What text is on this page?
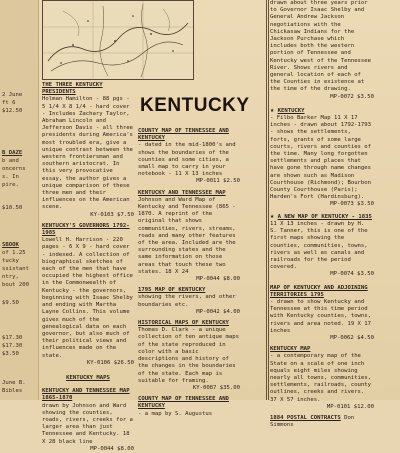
2 June
ft 6
$12.50
B DAZE
b and
oncerns
s. In
pire.
$10.50
SBOOK
of 1.25
tucky
ssistant
ntry,
bout 200
$9.50
$17.30
$17.30
$3.50
June B.
Bibles
KENTUCKY

THE THREE KENTUCKY PRESIDENTS

Holman Hamilton - 88 pgs - 5 1/4 X 8 1/4 - hard cover - Includes Zachary Taylor, Abraham Lincoln and Jefferson Davis - all three presidents during America's most troubled era, give a unique contrast between the western frontiersman and southern aristocrat. In this very provocative essay, the author gives a unique comparison of these three men and their influences on the American scene.

KY-0103 $7.50

KENTUCKY'S GOVERNORS 1792-1985

Lowell H. Harrison - 220 pages - 6 X 9 - hard cover - indexed. A collection of biographical sketches of each of the men that have occupied the highest office in the Commonwealth of Kentucky - the governors, beginning with Isaac Shelby and ending with Martha Layne Collins. This volume gives much of the genealogical data on each governor, but also much of their political views and influences made on the state.

KY-0106 $26.50

KENTUCKY MAPS

KENTUCKY AND TENNESSEE MAP 1865-1870

drawn by Johnson and Ward showing the counties, roads, rivers, creeks for a larger area than just Tennessee and Kentucky. 18 X 28 black line

MP-0044 $8.00

COUNTY MAP OF TENNESSEE AND KENTUCKY

- dated in the mid-1800's and shows the boundaries of the counties and some cities, a small map to carry in your notebook - 11 X 13 inches

MP-0011 $2.50

KENTUCKY AND TENNESSEE MAP

Johnson and Ward Map of Kentucky and Tennessee (865 - 1870. A reprint of the original that shows communities, rivers, streams, roads and many other features of the area. Included are the surrounding states and the same information on those areas that touch these two states. 18 X 24

MP-0044 $8.00

1795 MAP OF KENTUCKY

showing the rivers, and other boundaries etc.

MP-0042 $4.00

HISTORICAL MAPS OF KENTUCKY

Thomas D. Clark - a unique collection of ten antique maps of the state reproduced in color with a basic descriptions and history of the changes in the boundaries of the state. Each map is suitable for framing.

KY-0087 $35.00

COUNTY MAP OF TENNESSEE AND KENTUCKY

- a map by S. Augustus

drawn about three years prior to Governor Isaac Shelby and General Andrew Jackson negotiations with the Chickasaw Indians for the Jackson Purchase which includes both the western portion of Tennessee and Kentucky west of the Tennessee River. Shows rivers and general location of each of the Counties in existence at the time of the drawing.

MP-0072 $3.50

★ KENTUCKY

- Filbo Barker Map 11 X 17 inches - drawn about 1792-1793 - shows the settlements, forts, grants of some large courts, rivers and counties of the time. Many long forgotten settlements and places that have gone through name changes are shown such as Madison Courthouse (Richmond); Bourbon County Courthouse (Paris); Harden's Fort (Hardinsburg).

MP-0073 $3.50

★ A NEW MAP OF KENTUCKY - 1835

11 X 13 inches - drawn by H. S. Tanner, this is one of the first maps showing the counties, communities, towns, rivers as well as canals and railroads for the period covered.

MP-0074 $3.50

MAP OF KENTUCKY AND ADJOINING TERRITORIES 1795

- drawn to show Kentucky and Tennessee at this time period with Kentucky counties, towns, rivers and area noted. 19 X 17 inches

MP-0062 $4.50

KENTUCKY MAP

- a contemporary map of the State on a scale of one inch equals eight miles showing nearly all towns, communities, settlements, railroads, county outlines, creeks and rivers. 37 X 57 inches.

MP-0101 $12.00

1884 POSTAL CONTRACTS Don Simmons
